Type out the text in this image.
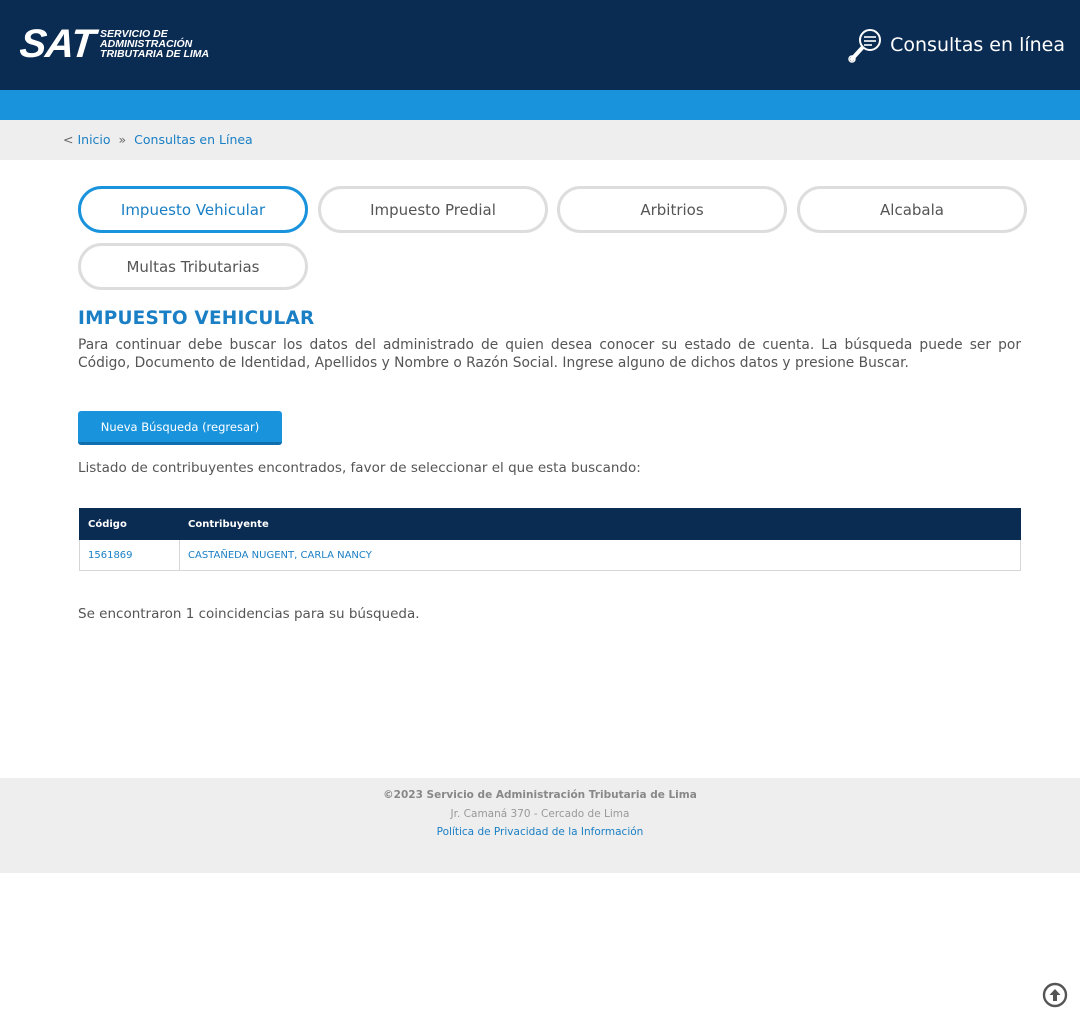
SAT SERVICIO DE
ADMINISTRACIÓN
TRIBUTARIA DE LIMA	Consultas en línea
< Inicio » Consultas en Línea
Impuesto Vehicular	Impuesto Predial	Arbitrios	Alcabala
Multas Tributarias
IMPUESTO VEHICULAR

Para continuar debe buscar los datos del administrado de quien desea conocer su estado de cuenta. La búsqueda puede ser por Código, Documento de Identidad, Apellidos y Nombre o Razón Social. Ingrese alguno de dichos datos y presione Buscar.

Nueva Búsqueda (regresar)
Listado de contribuyentes encontrados, favor de seleccionar el que esta buscando:
Código	Contribuyente
1561869	CASTAÑEDA NUGENT, CARLA NANCY
Se encontraron 1 coincidencias para su búsqueda.
©2023 Servicio de Administración Tributaria de Lima
Jr. Camaná 370 - Cercado de Lima
Política de Privacidad de la Información
